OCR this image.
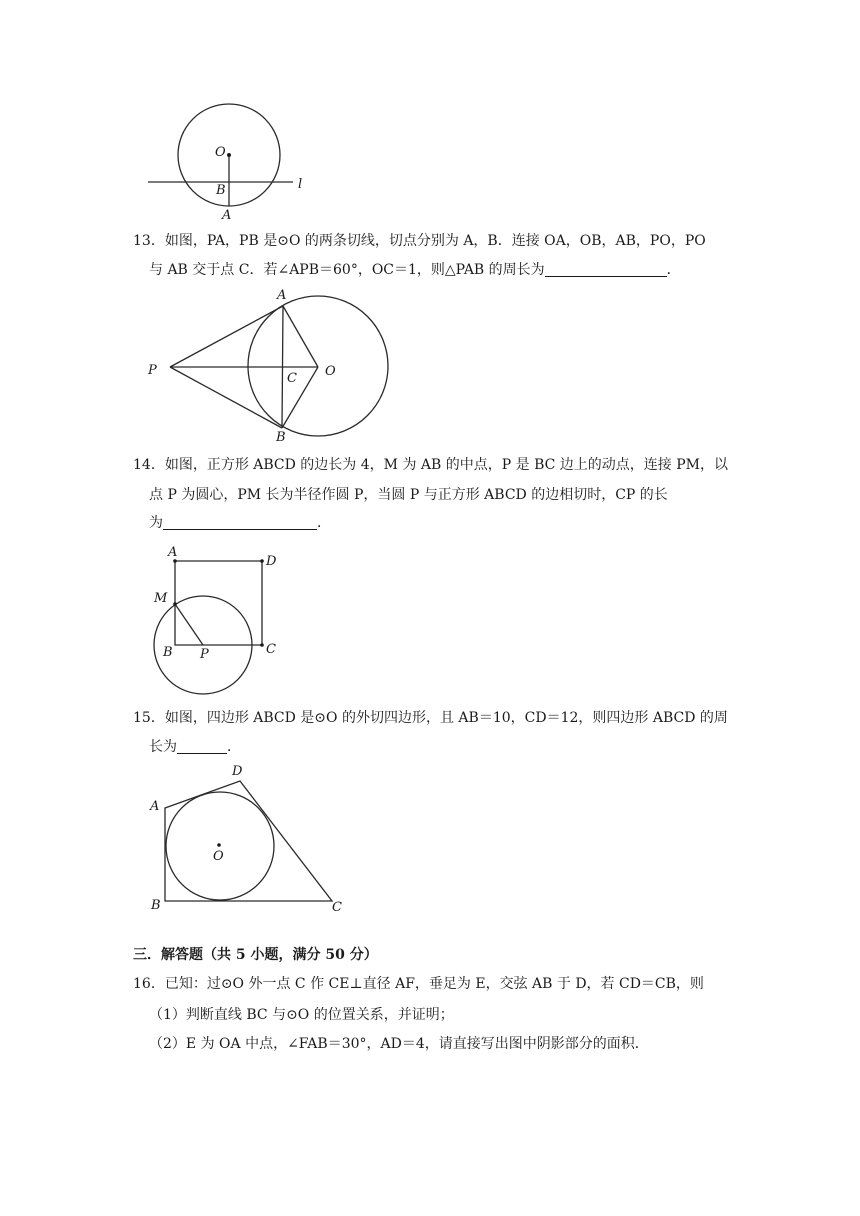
O
B
A
l
13．如图，PA，PB 是⊙O 的两条切线，切点分别为 A，B．连接 OA，OB，AB，PO，PO
与 AB 交于点 C．若∠APB＝60°，OC＝1，则△PAB 的周长为	．
A
B
P
C O
14．如图，正方形 ABCD 的边长为 4，M 为 AB 的中点，P 是 BC 边上的动点，连接 PM，以
点 P 为圆心，PM 长为半径作圆 P，当圆 P 与正方形 ABCD 的边相切时，CP 的长
为	．
A
D
M
B P	C
15．如图，四边形 ABCD 是⊙O 的外切四边形，且 AB＝10，CD＝12，则四边形 ABCD 的周
长为	．
A
D
O
B	C
三．解答题（共 5 小题，满分 50 分）
16．已知：过⊙O 外一点 C 作 CE⊥直径 AF，垂足为 E，交弦 AB 于 D，若 CD＝CB，则
（1）判断直线 BC 与⊙O 的位置关系，并证明；
（2）E 为 OA 中点，∠FAB＝30°，AD＝4，请直接写出图中阴影部分的面积．
